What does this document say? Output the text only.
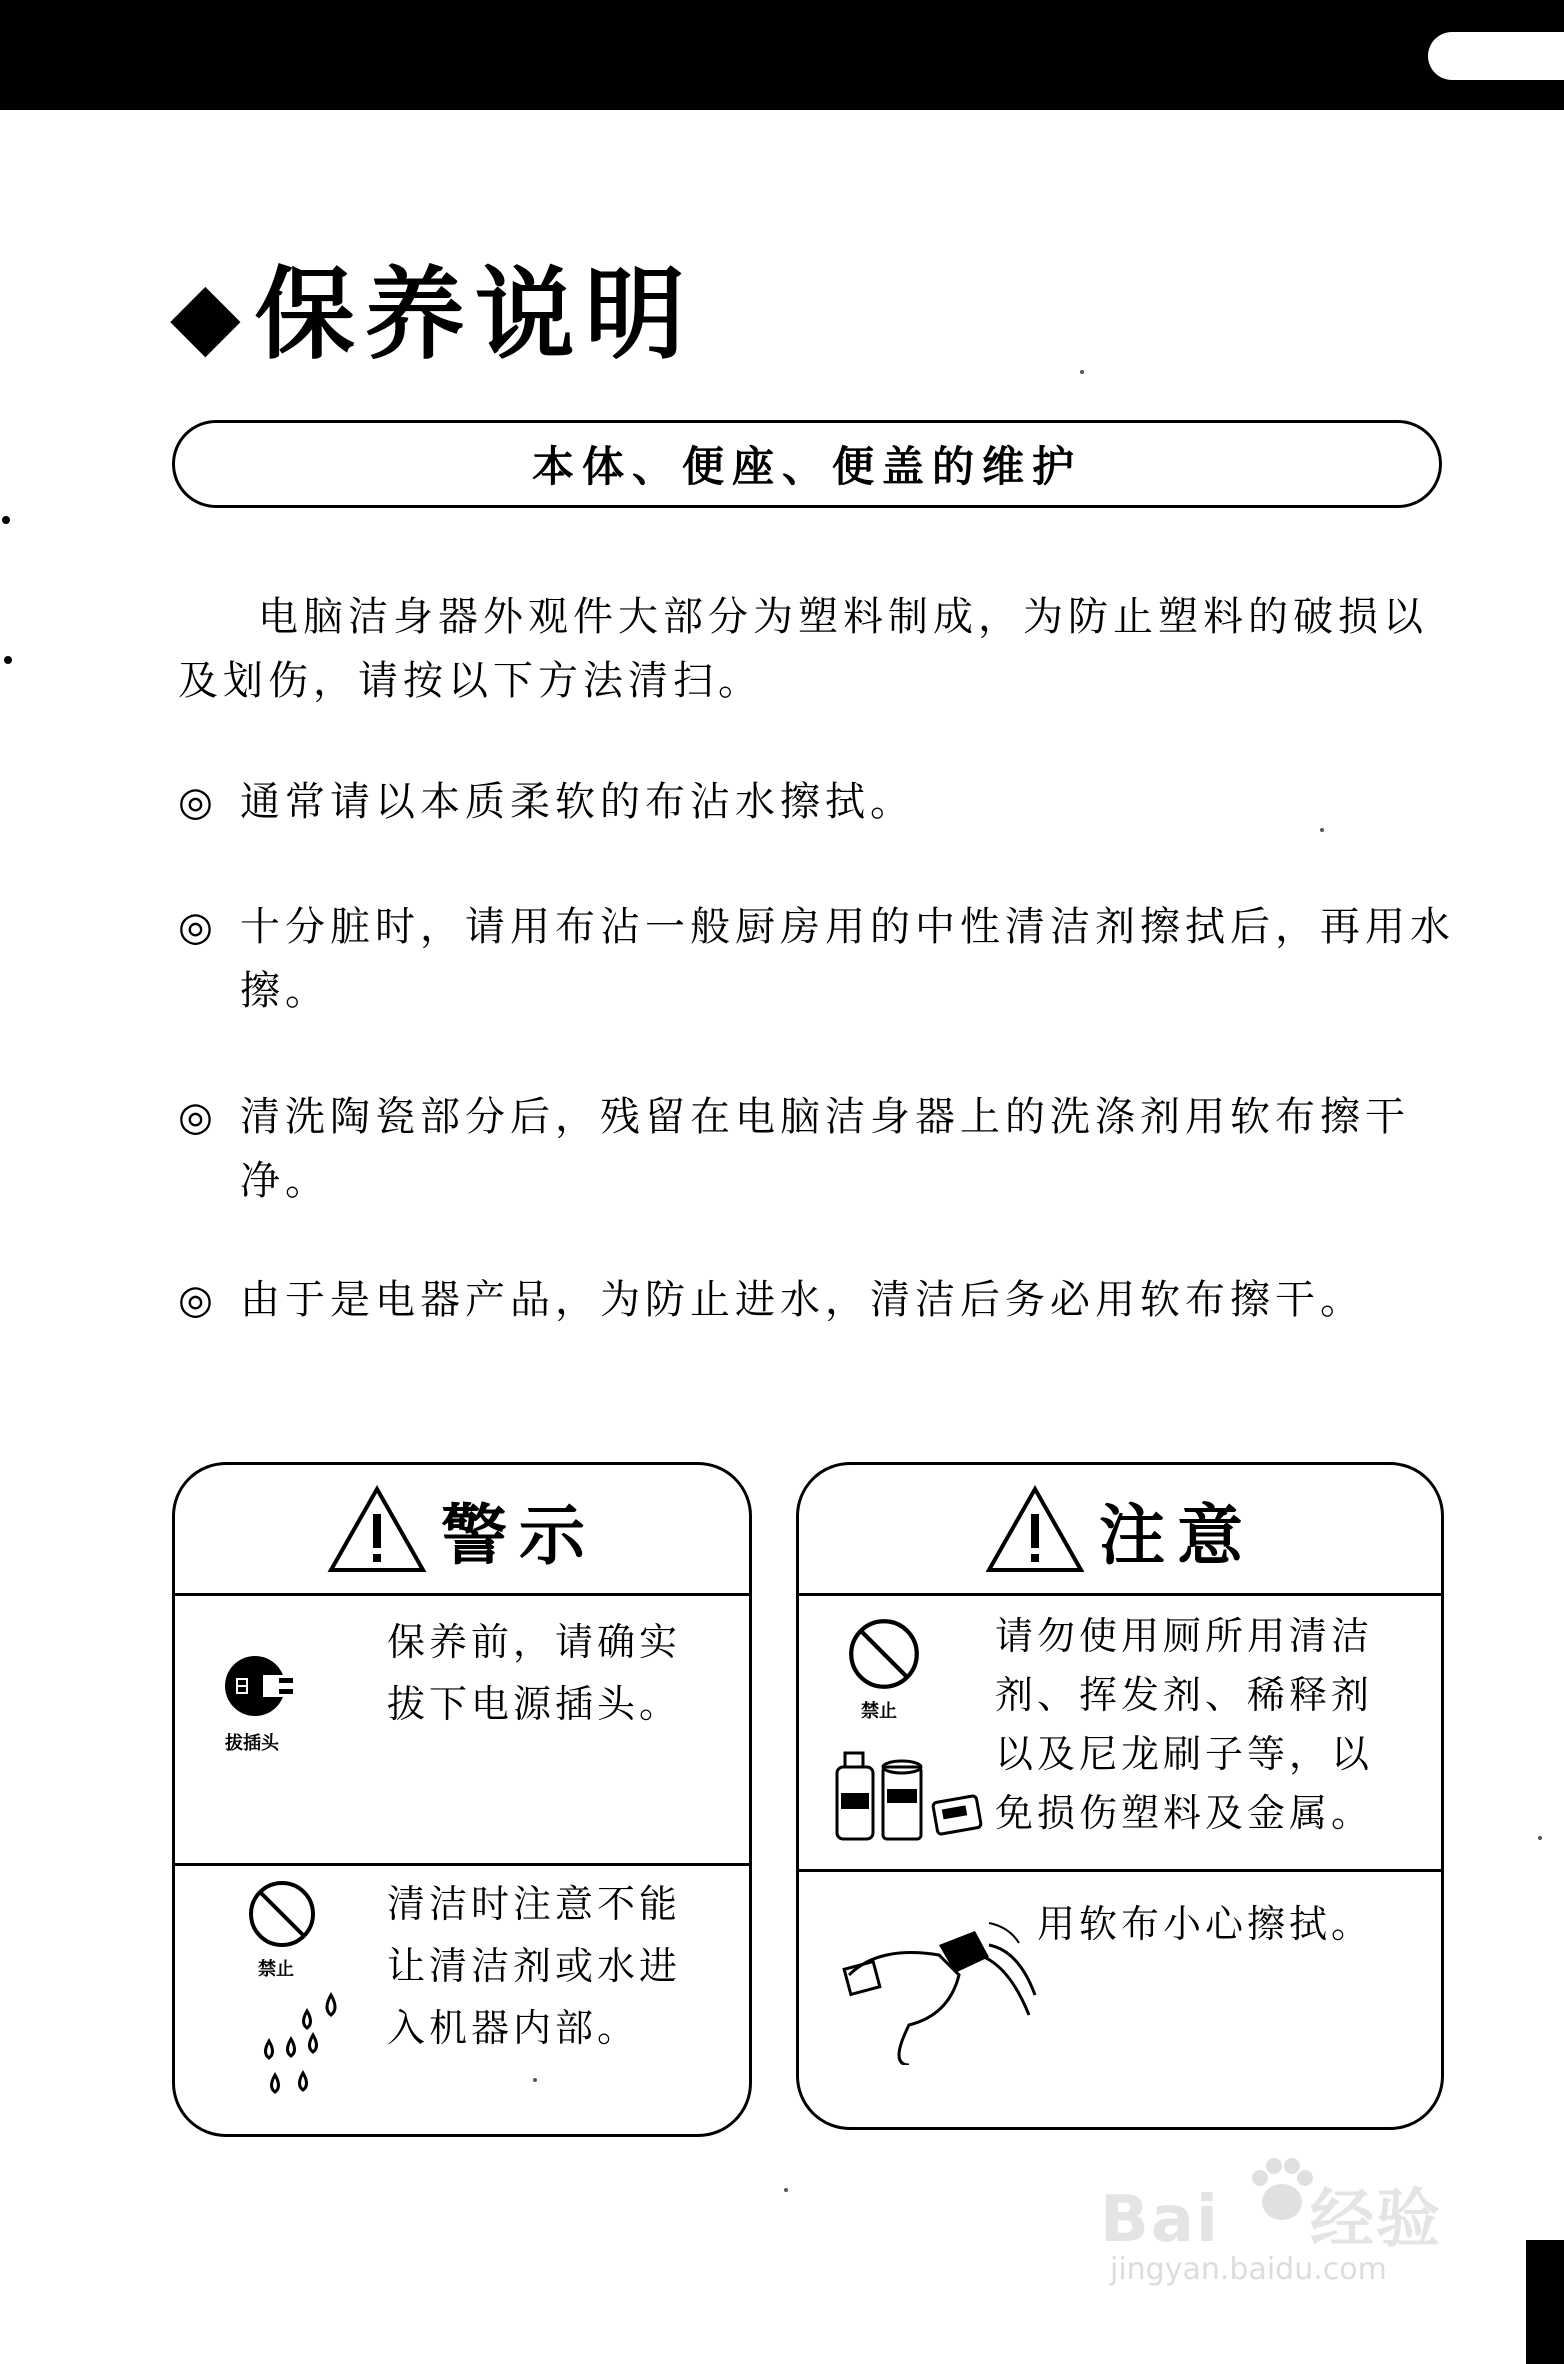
◆ 保养说明
本体、便座、便盖的维护
电脑洁身器外观件大部分为塑料制成，为防止塑料的破损以及划伤，请按以下方法清扫。
◎ 通常请以本质柔软的布沾水擦拭。
◎ 十分脏时，请用布沾一般厨房用的中性清洁剂擦拭后，再用水擦。
◎ 清洗陶瓷部分后，残留在电脑洁身器上的洗涤剂用软布擦干净。
◎ 由于是电器产品，为防止进水，清洁后务必用软布擦干。
警示
拔插头
保养前，请确实
拔下电源插头。
禁止
清洁时注意不能
让清洁剂或水进
入机器内部。
注意
禁止
请勿使用厕所用清洁
剂、挥发剂、稀释剂
以及尼龙刷子等，以
免损伤塑料及金属。
用软布小心擦拭。
Bai 经验
jingyan.baidu.com
